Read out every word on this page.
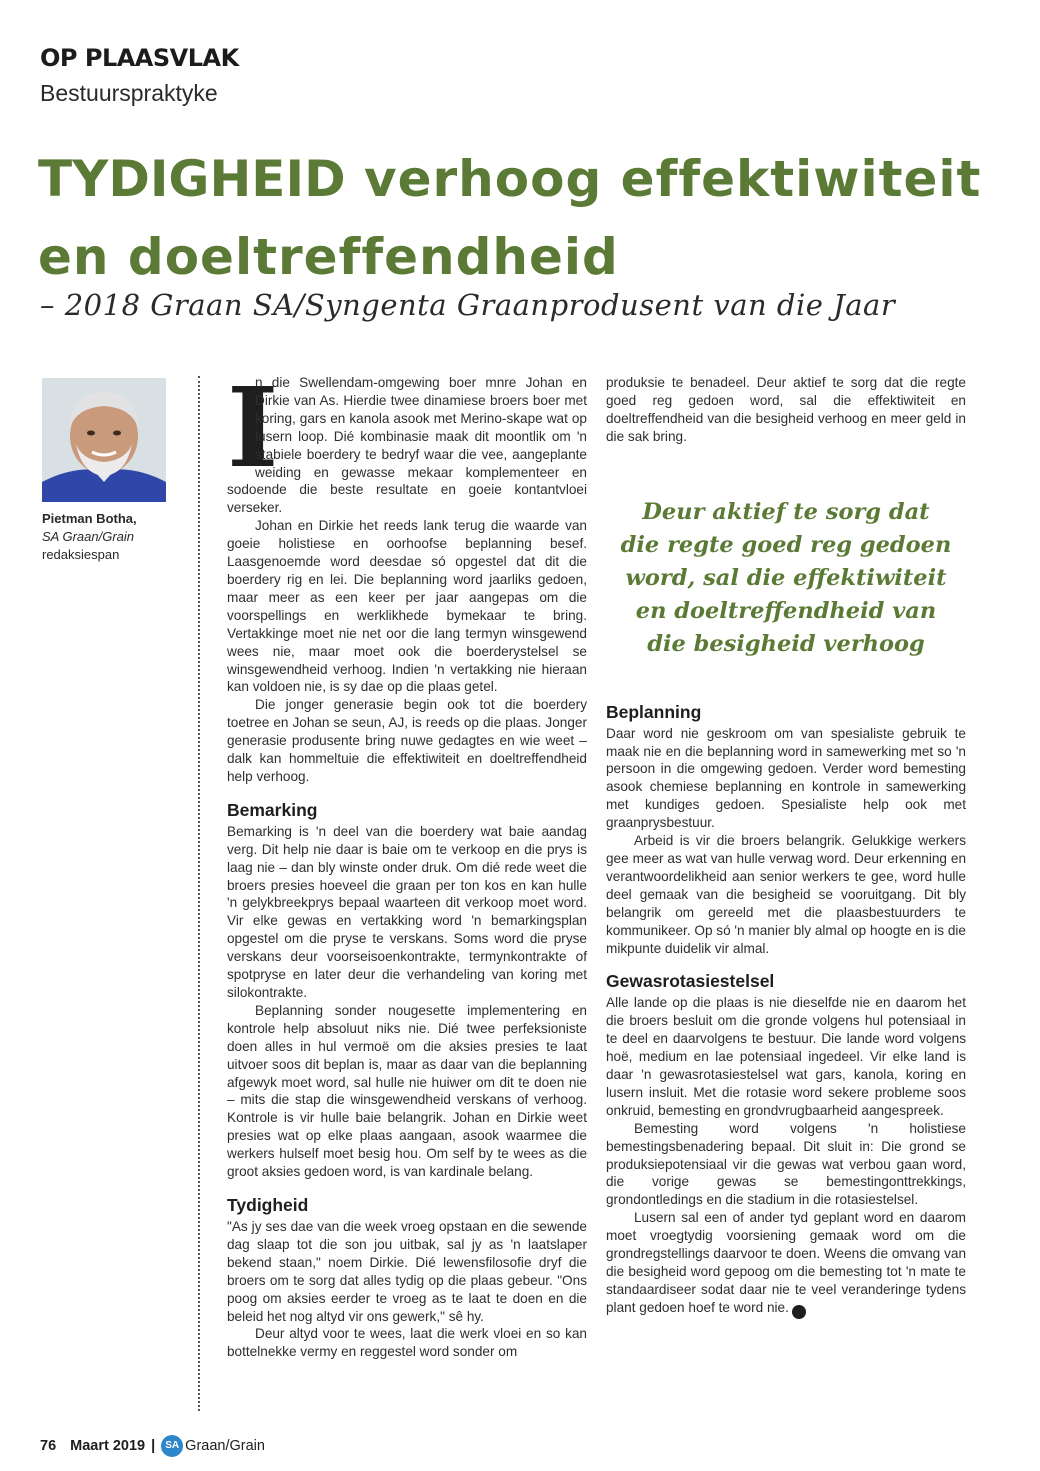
OP PLAASVLAK
Bestuurspraktyke
TYDIGHEID verhoog effektiwiteit
en doeltreffendheid
– 2018 Graan SA/Syngenta Graanprodusent van die Jaar
Pietman Botha,
SA Graan/Grain
redaksiespan
I

n die Swellendam-omgewing boer mnre Johan en Dirkie van As. Hierdie twee dinamiese broers boer met koring, gars en kanola asook met Merino-skape wat op lusern loop. Dié kombinasie maak dit moontlik om 'n stabiele boerdery te bedryf waar die vee, aangeplante weiding en gewasse mekaar komplementeer en sodoende die beste resultate en goeie kontantvloei verseker.

Johan en Dirkie het reeds lank terug die waarde van goeie holistiese en oorhoofse beplanning besef. Laasgenoemde word deesdae só opgestel dat dit die boerdery rig en lei. Die beplanning word jaarliks gedoen, maar meer as een keer per jaar aangepas om die voorspellings en werklikhede bymekaar te bring. Vertakkinge moet nie net oor die lang termyn winsgewend wees nie, maar moet ook die boerderystelsel se winsgewendheid verhoog. Indien 'n vertakking nie hieraan kan voldoen nie, is sy dae op die plaas getel.

Die jonger generasie begin ook tot die boerdery toetree en Johan se seun, AJ, is reeds op die plaas. Jonger generasie produsente bring nuwe gedagtes en wie weet – dalk kan hommeltuie die effektiwiteit en doeltreffendheid help verhoog.

Bemarking

Bemarking is 'n deel van die boerdery wat baie aandag verg. Dit help nie daar is baie om te verkoop en die prys is laag nie – dan bly winste onder druk. Om dié rede weet die broers presies hoeveel die graan per ton kos en kan hulle 'n gelykbreekprys bepaal waarteen dit verkoop moet word. Vir elke gewas en vertakking word 'n bemarkingsplan opgestel om die pryse te verskans. Soms word die pryse verskans deur voorseisoenkontrakte, termynkontrakte of spotpryse en later deur die verhandeling van koring met silokontrakte.

Beplanning sonder nougesette implementering en kontrole help absoluut niks nie. Dié twee perfeksioniste doen alles in hul vermoë om die aksies presies te laat uitvoer soos dit beplan is, maar as daar van die beplanning afgewyk moet word, sal hulle nie huiwer om dit te doen nie – mits die stap die winsgewendheid verskans of verhoog. Kontrole is vir hulle baie belangrik. Johan en Dirkie weet presies wat op elke plaas aangaan, asook waarmee die werkers hulself moet besig hou. Om self by te wees as die groot aksies gedoen word, is van kardinale belang.

Tydigheid

"As jy ses dae van die week vroeg opstaan en die sewende dag slaap tot die son jou uitbak, sal jy as 'n laatslaper bekend staan," noem Dirkie. Dié lewensfilosofie dryf die broers om te sorg dat alles tydig op die plaas gebeur. "Ons poog om aksies eerder te vroeg as te laat te doen en die beleid het nog altyd vir ons gewerk," sê hy.

Deur altyd voor te wees, laat die werk vloei en so kan bottelnekke vermy en reggestel word sonder om

produksie te benadeel. Deur aktief te sorg dat die regte goed reg gedoen word, sal die effektiwiteit en doeltreffendheid van die besigheid verhoog en meer geld in die sak bring.

Deur aktief te sorg dat die regte goed reg gedoen word, sal die effektiwiteit en doeltreffendheid van die besigheid verhoog
Beplanning

Daar word nie geskroom om van spesialiste gebruik te maak nie en die beplanning word in samewerking met so 'n persoon in die omgewing gedoen. Verder word bemesting asook chemiese beplanning en kontrole in samewerking met kundiges gedoen. Spesialiste help ook met graanprysbestuur.

Arbeid is vir die broers belangrik. Gelukkige werkers gee meer as wat van hulle verwag word. Deur erkenning en verantwoordelikheid aan senior werkers te gee, word hulle deel gemaak van die besigheid se vooruitgang. Dit bly belangrik om gereeld met die plaasbestuurders te kommunikeer. Op só 'n manier bly almal op hoogte en is die mikpunte duidelik vir almal.

Gewasrotasiestelsel

Alle lande op die plaas is nie dieselfde nie en daarom het die broers besluit om die gronde volgens hul potensiaal in te deel en daarvolgens te bestuur. Die lande word volgens hoë, medium en lae potensiaal ingedeel. Vir elke land is daar 'n gewasrotasiestelsel wat gars, kanola, koring en lusern insluit. Met die rotasie word sekere probleme soos onkruid, bemesting en grondvrugbaarheid aangespreek.

Bemesting word volgens 'n holistiese bemestingsbenadering bepaal. Dit sluit in: Die grond se produksiepotensiaal vir die gewas wat verbou gaan word, die vorige gewas se bemestingonttrekkings, grondontledings en die stadium in die rotasiestelsel.

Lusern sal een of ander tyd geplant word en daarom moet vroegtydig voorsiening gemaak word om die grondregstellings daarvoor te doen. Weens die omvang van die besigheid word gepoog om die bemesting tot 'n mate te standaardiseer sodat daar nie te veel veranderinge tydens plant gedoen hoef te word nie.	➤

76 Maart 2019 |	SA Graan/Grain
